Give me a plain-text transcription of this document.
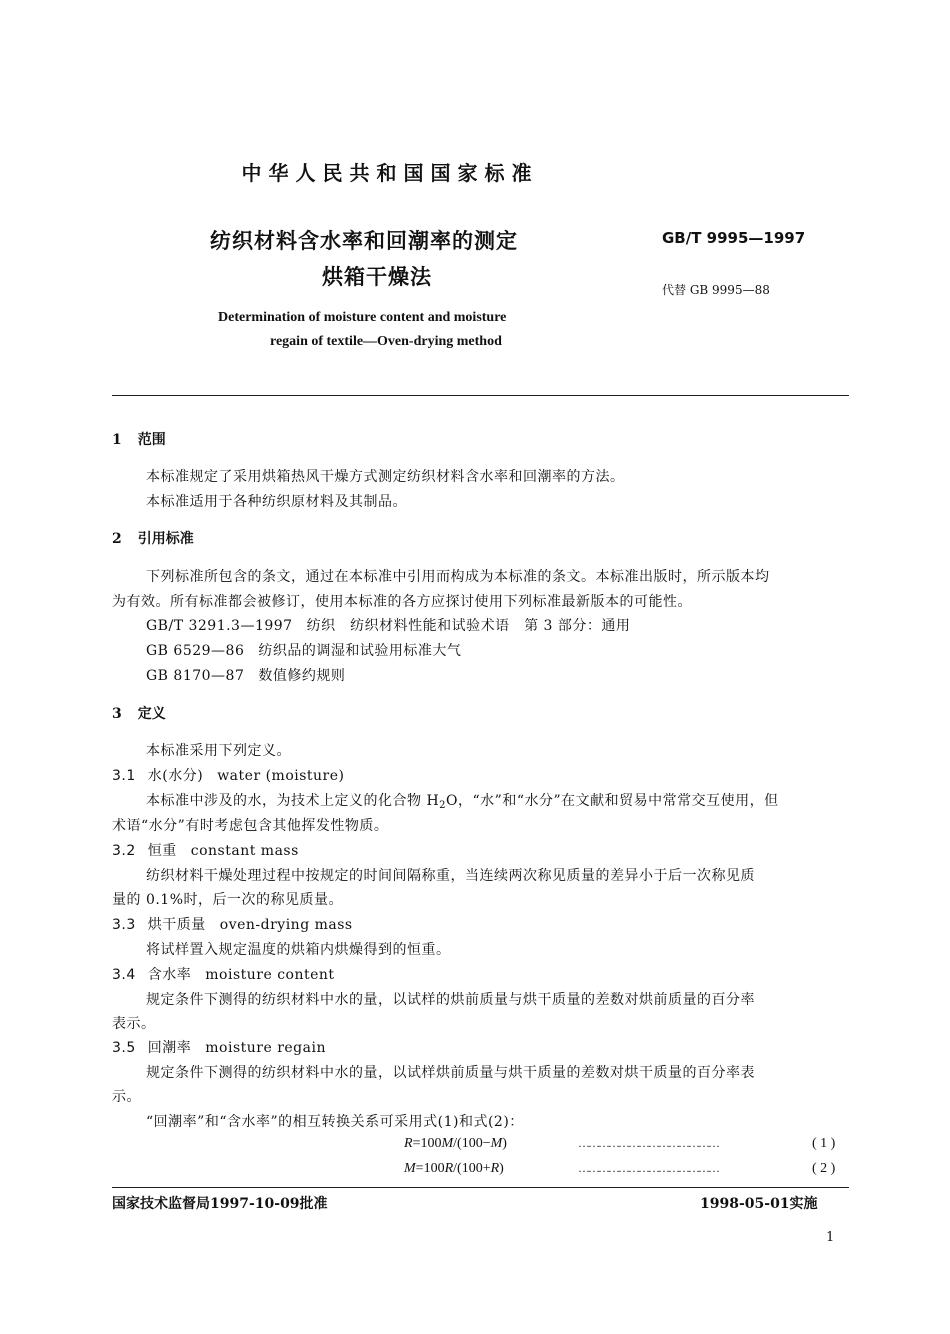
中华人民共和国国家标准
纺织材料含水率和回潮率的测定
烘箱干燥法
GB/T 9995—1997
代替 GB 9995—88
Determination of moisture content and moisture
regain of textile—Oven-drying method
1 范围
本标准规定了采用烘箱热风干燥方式测定纺织材料含水率和回潮率的方法。
本标准适用于各种纺织原材料及其制品。
2 引用标准
下列标准所包含的条文，通过在本标准中引用而构成为本标准的条文。本标准出版时，所示版本均
为有效。所有标准都会被修订，使用本标准的各方应探讨使用下列标准最新版本的可能性。
GB/T 3291.3—1997 纺织　纺织材料性能和试验术语　第 3 部分：通用
GB 6529—86 纺织品的调湿和试验用标准大气
GB 8170—87 数值修约规则
3 定义
本标准采用下列定义。
3.1 水(水分) water (moisture)
本标准中涉及的水，为技术上定义的化合物 $H_2O$，“水”和“水分”在文献和贸易中常常交互使用，但
术语“水分”有时考虑包含其他挥发性物质。
3.2 恒重 constant mass
纺织材料干燥处理过程中按规定的时间间隔称重，当连续两次称见质量的差异小于后一次称见质
量的 0.1%时，后一次的称见质量。
3.3 烘干质量 oven-drying mass
将试样置入规定温度的烘箱内烘燥得到的恒重。
3.4 含水率 moisture content
规定条件下测得的纺织材料中水的量，以试样的烘前质量与烘干质量的差数对烘前质量的百分率
表示。
3.5 回潮率 moisture regain
规定条件下测得的纺织材料中水的量，以试样烘前质量与烘干质量的差数对烘干质量的百分率表
示。
“回潮率”和“含水率”的相互转换关系可采用式(1)和式(2)：
R=100M/(100−M)	……………………………………	( 1 )
M=100R/(100+R)	……………………………………	( 2 )
国家技术监督局1997-10-09批准	1998-05-01实施
1
